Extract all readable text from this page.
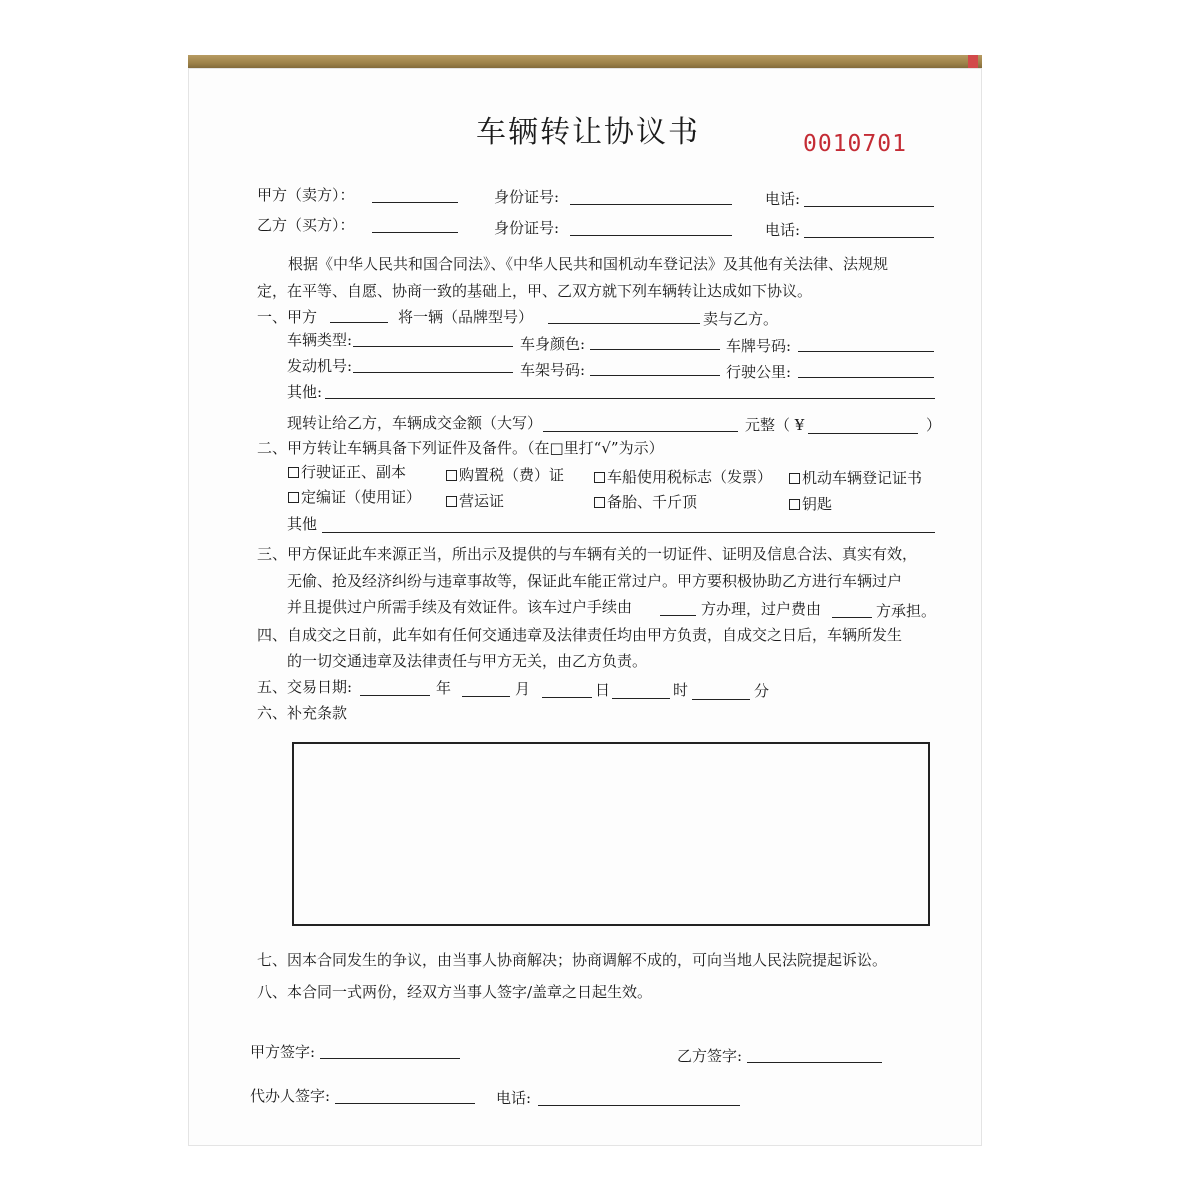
车辆转让协议书	0010701
甲方（卖方）：	身份证号:	电话:
乙方（买方）：	身份证号:	电话:
根据《中华人民共和国合同法》、《中华人民共和国机动车登记法》及其他有关法律、法规规
定，在平等、自愿、协商一致的基础上，甲、乙双方就下列车辆转让达成如下协议。
一、甲方	将一辆（品牌型号）	卖与乙方。
车辆类型:	车身颜色:	车牌号码:
发动机号:	车架号码:	行驶公里:
其他:
现转让给乙方，车辆成交金额（大写）	元整（ ¥	）
二、甲方转让车辆具备下列证件及备件。（在□里打“√”为示）
行驶证正、副本	购置税（费）证	车船使用税标志（发票）	机动车辆登记证书
定编证（使用证）	营运证	备胎、千斤顶	钥匙
其他
三、甲方保证此车来源正当，所出示及提供的与车辆有关的一切证件、证明及信息合法、真实有效，
无偷、抢及经济纠纷与违章事故等，保证此车能正常过户。甲方要积极协助乙方进行车辆过户
并且提供过户所需手续及有效证件。该车过户手续由	方办理，过户费由	方承担。
四、自成交之日前，此车如有任何交通违章及法律责任均由甲方负责，自成交之日后，车辆所发生
的一切交通违章及法律责任与甲方无关，由乙方负责。
五、交易日期:	年	月	日	时	分
六、补充条款
七、因本合同发生的争议，由当事人协商解决；协商调解不成的，可向当地人民法院提起诉讼。
八、本合同一式两份，经双方当事人签字/盖章之日起生效。
甲方签字:	乙方签字:
代办人签字:	电话:
